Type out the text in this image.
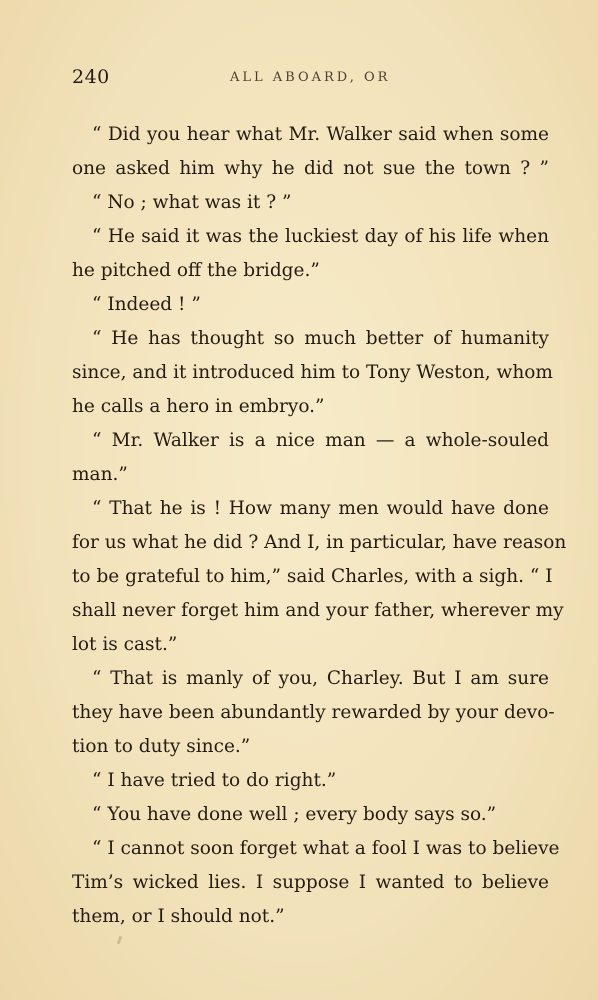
240	ALL ABOARD, OR
“ Did you hear what Mr. Walker said when some
one asked him why he did not sue the town ? ”
“ No ; what was it ? ”
“ He said it was the luckiest day of his life when
he pitched off the bridge.”
“ Indeed ! ”
“ He has thought so much better of humanity
since, and it introduced him to Tony Weston, whom
he calls a hero in embryo.”
“ Mr. Walker is a nice man — a whole-souled
man.”
“ That he is ! How many men would have done
for us what he did ? And I, in particular, have reason
to be grateful to him,” said Charles, with a sigh. “ I
shall never forget him and your father, wherever my
lot is cast.”
“ That is manly of you, Charley. But I am sure
they have been abundantly rewarded by your devo-
tion to duty since.”
“ I have tried to do right.”
“ You have done well ; every body says so.”
“ I cannot soon forget what a fool I was to believe
Tim’s wicked lies. I suppose I wanted to believe
them, or I should not.”
